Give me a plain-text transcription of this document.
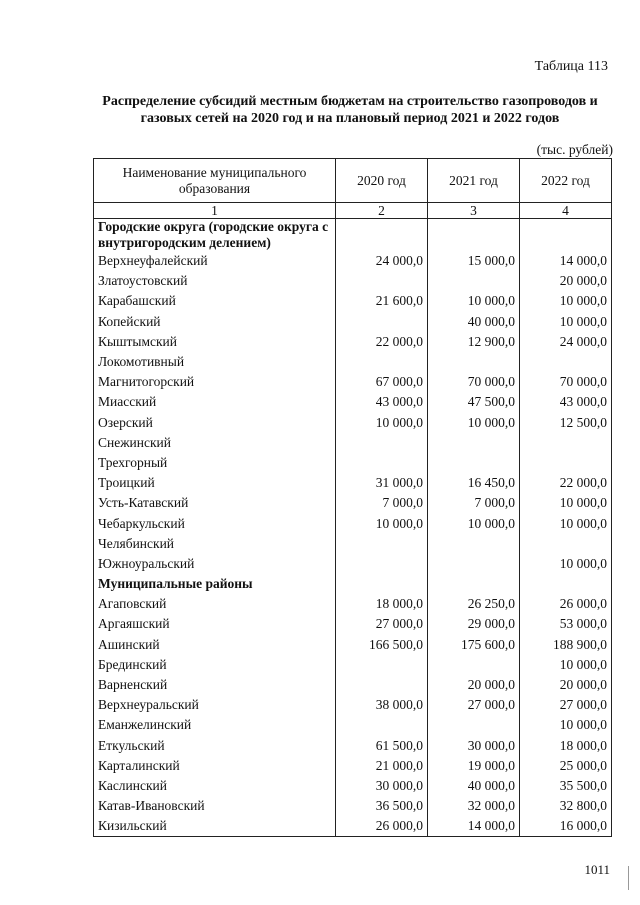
Таблица 113
Распределение субсидий местным бюджетам на строительство газопроводов и
газовых сетей на 2020 год и на плановый период 2021 и 2022 годов
(тыс. рублей)
Наименование муниципального образования	2020 год	2021 год	2022 год
1	2	3	4
Городские округа (городские округа с внутригородским делением)			
Верхнеуфалейский	24 000,0	15 000,0	14 000,0
Златоустовский			20 000,0
Карабашский	21 600,0	10 000,0	10 000,0
Копейский		40 000,0	10 000,0
Кыштымский	22 000,0	12 900,0	24 000,0
Локомотивный			
Магнитогорский	67 000,0	70 000,0	70 000,0
Миасский	43 000,0	47 500,0	43 000,0
Озерский	10 000,0	10 000,0	12 500,0
Снежинский			
Трехгорный			
Троицкий	31 000,0	16 450,0	22 000,0
Усть-Катавский	7 000,0	7 000,0	10 000,0
Чебаркульский	10 000,0	10 000,0	10 000,0
Челябинский			
Южноуральский			10 000,0
Муниципальные районы			
Агаповский	18 000,0	26 250,0	26 000,0
Аргаяшский	27 000,0	29 000,0	53 000,0
Ашинский	166 500,0	175 600,0	188 900,0
Брединский			10 000,0
Варненский		20 000,0	20 000,0
Верхнеуральский	38 000,0	27 000,0	27 000,0
Еманжелинский			10 000,0
Еткульский	61 500,0	30 000,0	18 000,0
Карталинский	21 000,0	19 000,0	25 000,0
Каслинский	30 000,0	40 000,0	35 500,0
Катав-Ивановский	36 500,0	32 000,0	32 800,0
Кизильский	26 000,0	14 000,0	16 000,0
1011
